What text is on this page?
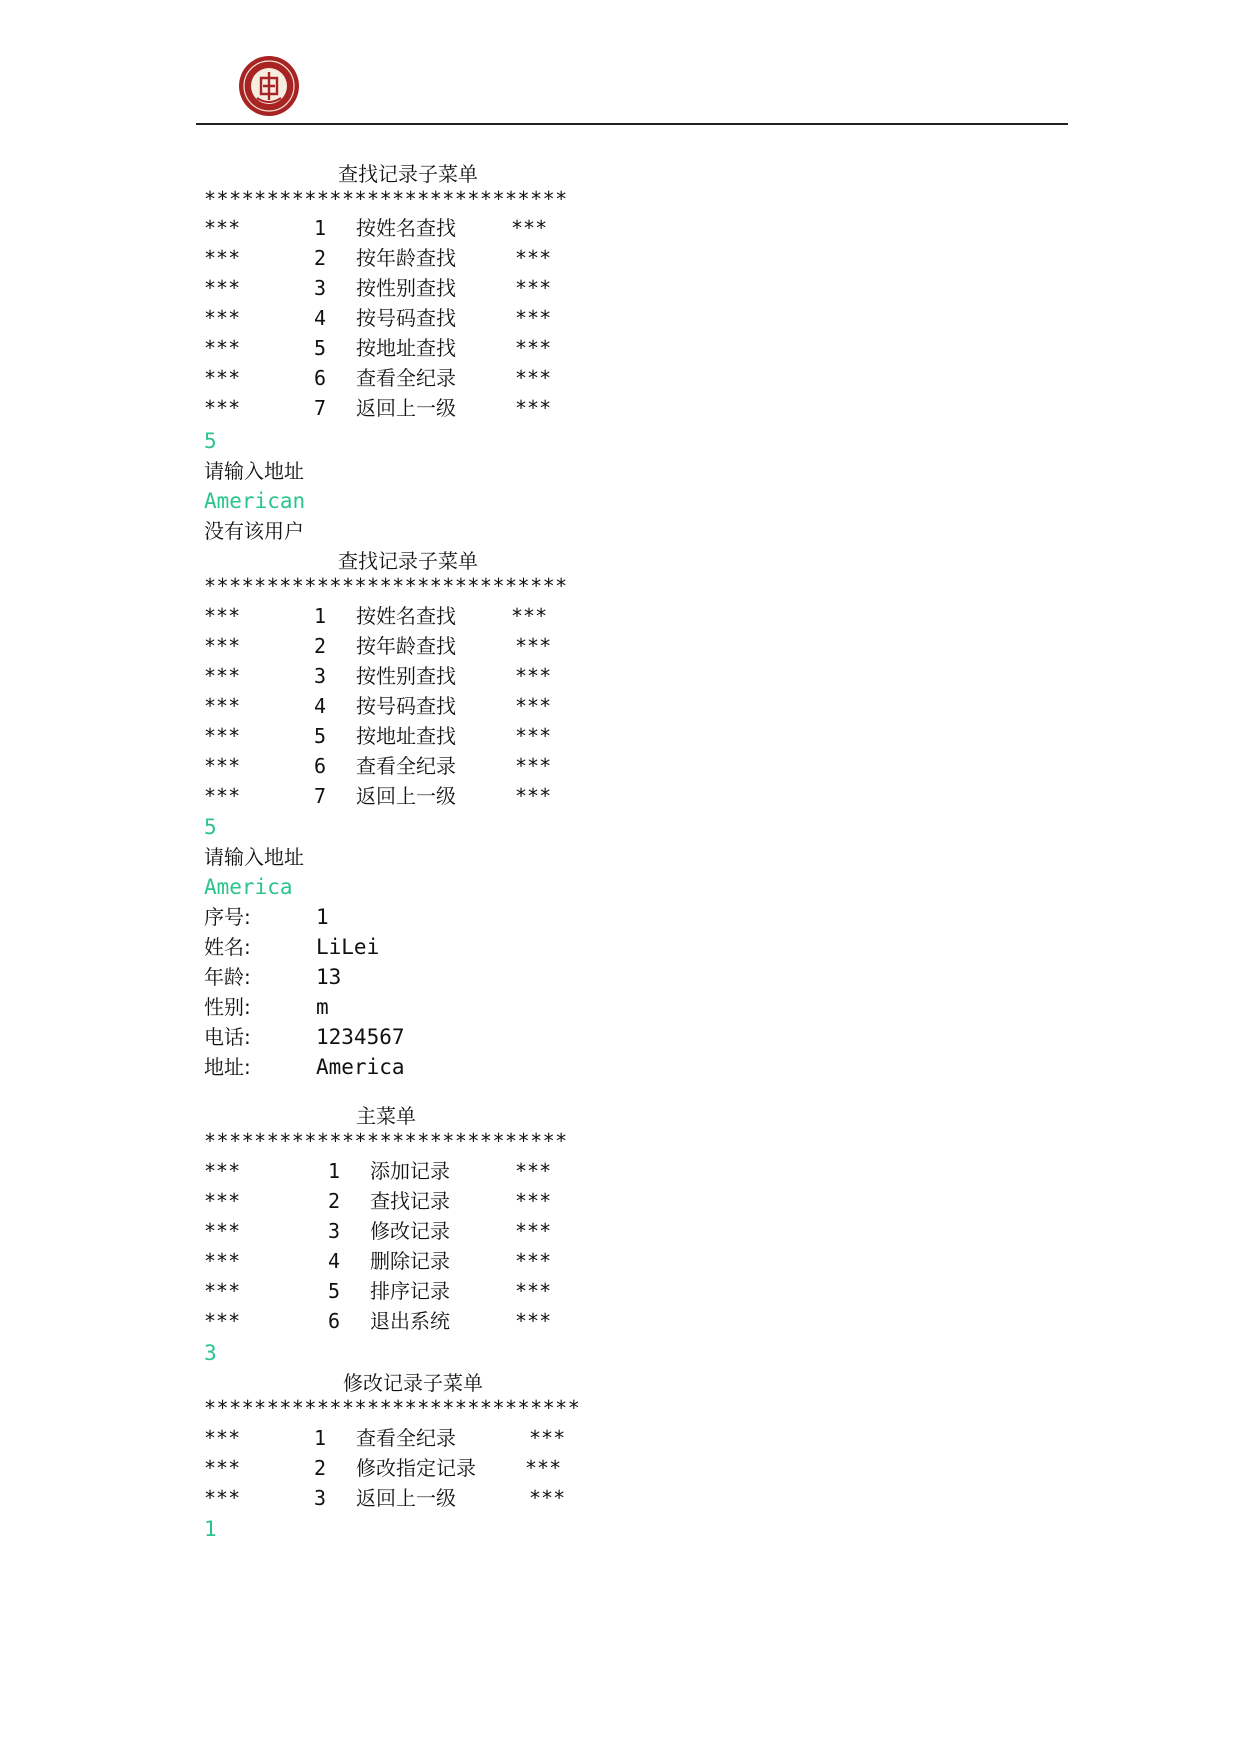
查找记录子菜单

*****************************

***	1 按姓名查找	***
***	2 按年龄查找	***
***	3 按性别查找	***
***	4 按号码查找	***
***	5 按地址查找	***
***	6 查看全纪录	***
***	7 返回上一级	***
5
请输入地址
American
没有该用户

查找记录子菜单

*****************************

***	1 按姓名查找	***
***	2 按年龄查找	***
***	3 按性别查找	***
***	4 按号码查找	***
***	5 按地址查找	***
***	6 查看全纪录	***
***	7 返回上一级	***
5
请输入地址
America
序号:	1
姓名:	LiLei
年龄:	13
性别:	m
电话:	1234567
地址:	America

主菜单

*****************************

***	1 添加记录	***
***	2 查找记录	***
***	3 修改记录	***
***	4 删除记录	***
***	5 排序记录	***
***	6 退出系统	***
3

修改记录子菜单

******************************

***	1 查看全纪录	***
***	2 修改指定记录 ***
***	3 返回上一级	***
1
